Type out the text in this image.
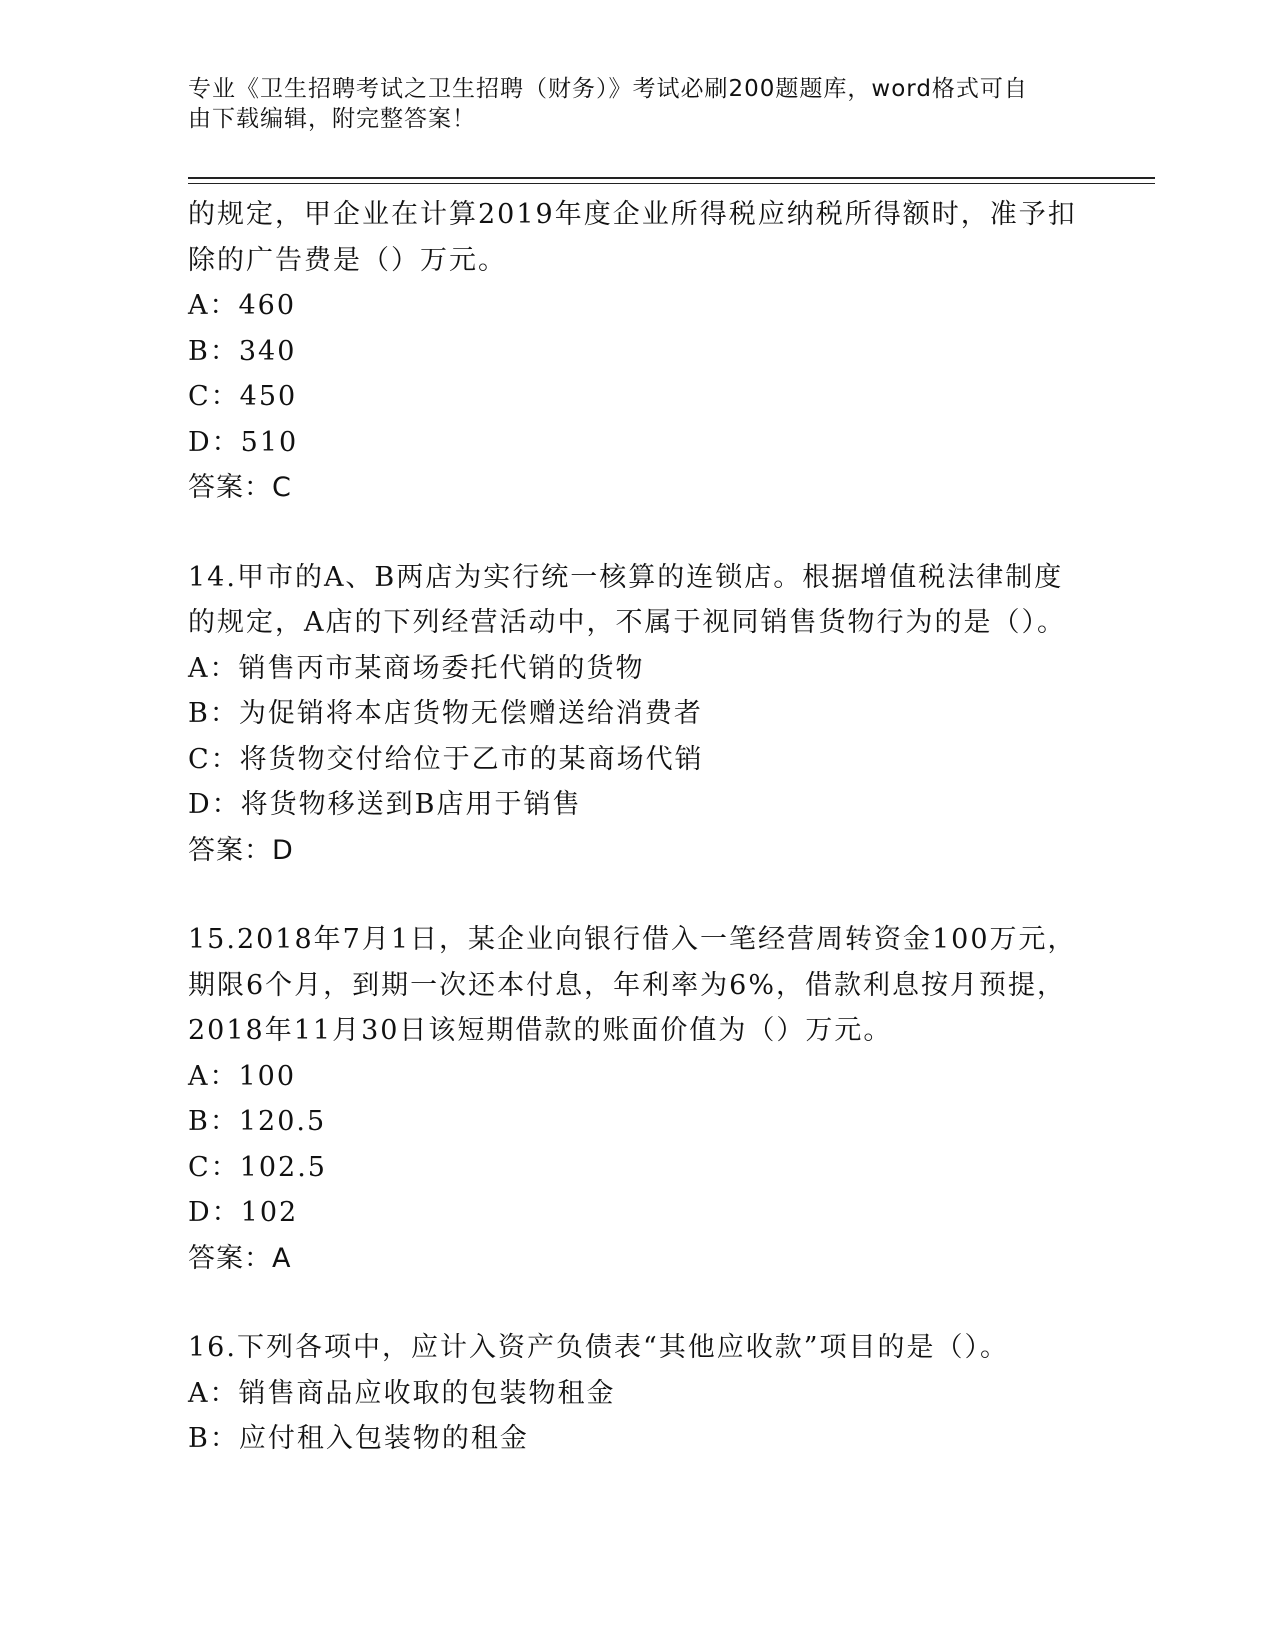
专业《卫生招聘考试之卫生招聘（财务）》考试必刷200题题库，word格式可自
由下载编辑，附完整答案！
的规定，甲企业在计算2019年度企业所得税应纳税所得额时，准予扣
除的广告费是（）万元。
A：460
B：340
C：450
D：510
答案：C
14.甲市的A、B两店为实行统一核算的连锁店。根据增值税法律制度
的规定，A店的下列经营活动中，不属于视同销售货物行为的是（）。
A：销售丙市某商场委托代销的货物
B：为促销将本店货物无偿赠送给消费者
C：将货物交付给位于乙市的某商场代销
D：将货物移送到B店用于销售
答案：D
15.2018年7月1日，某企业向银行借入一笔经营周转资金100万元，
期限6个月，到期一次还本付息，年利率为6%，借款利息按月预提，
2018年11月30日该短期借款的账面价值为（）万元。
A：100
B：120.5
C：102.5
D：102
答案：A
16.下列各项中，应计入资产负债表“其他应收款”项目的是（）。
A：销售商品应收取的包装物租金
B：应付租入包装物的租金
